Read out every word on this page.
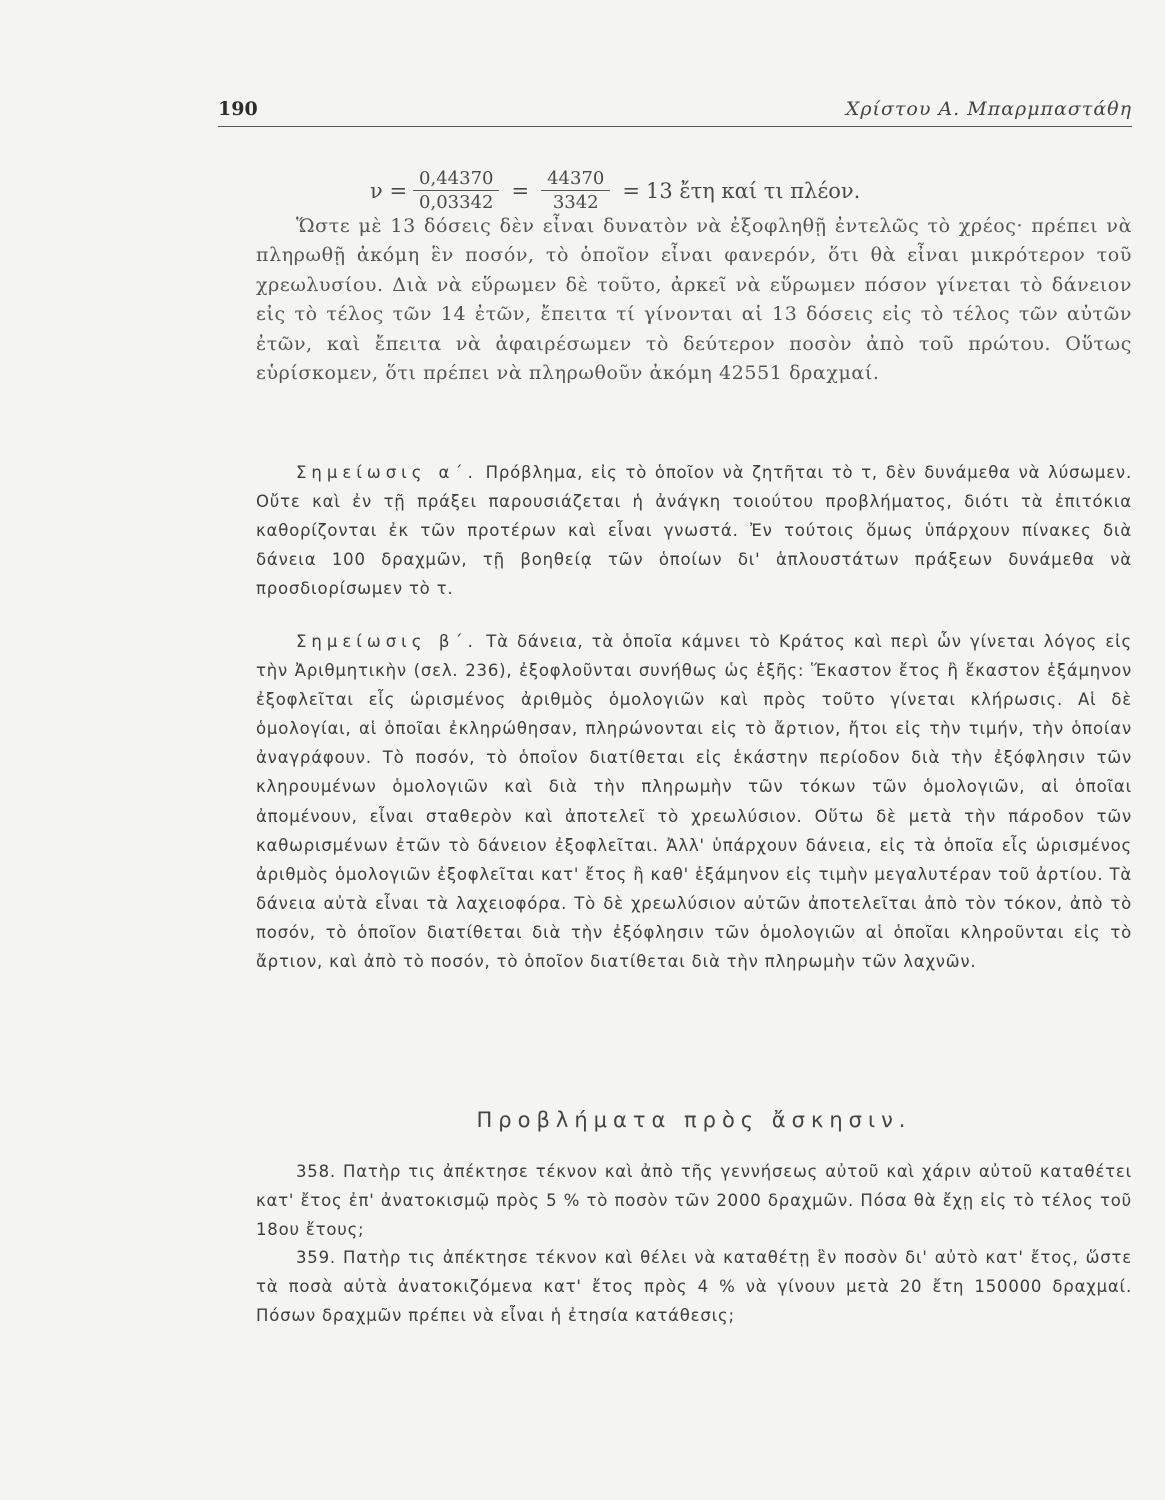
190	Χρίστου Α. Μπαρμπαστάθη
$\nu = \frac{0,44370}{0,03342} = \frac{44370}{3342} = 13$ ἔτη καί τι πλέον.

Ὥστε μὲ 13 δόσεις δὲν εἶναι δυνατὸν νὰ ἐξοφληθῇ ἐντελῶς τὸ χρέος· πρέπει νὰ πληρωθῇ ἀκόμη ἓν ποσόν, τὸ ὁποῖον εἶναι φανερόν, ὅτι θὰ εἶναι μικρότερον τοῦ χρεωλυσίου. Διὰ νὰ εὕρωμεν δὲ τοῦτο, ἀρκεῖ νὰ εὕρωμεν πόσον γίνεται τὸ δάνειον εἰς τὸ τέλος τῶν 14 ἐτῶν, ἔπειτα τί γίνονται αἱ 13 δόσεις εἰς τὸ τέλος τῶν αὐτῶν ἐτῶν, καὶ ἔπειτα νὰ ἀφαιρέσωμεν τὸ δεύτερον ποσὸν ἀπὸ τοῦ πρώτου. Οὕτως εὑρίσκομεν, ὅτι πρέπει νὰ πληρωθοῦν ἀκόμη 42551 δραχμαί.

Σημείωσις α΄. Πρόβλημα, εἰς τὸ ὁποῖον νὰ ζητῆται τὸ τ, δὲν δυνάμεθα νὰ λύσωμεν. Οὔτε καὶ ἐν τῇ πράξει παρουσιάζεται ἡ ἀνάγκη τοιούτου προβλήματος, διότι τὰ ἐπιτόκια καθορίζονται ἐκ τῶν προτέρων καὶ εἶναι γνωστά. Ἐν τούτοις ὅμως ὑπάρχουν πίνακες διὰ δάνεια 100 δραχμῶν, τῇ βοηθείᾳ τῶν ὁποίων δι' ἁπλουστάτων πράξεων δυνάμεθα νὰ προσδιορίσωμεν τὸ τ.

Σημείωσις β΄. Τὰ δάνεια, τὰ ὁποῖα κάμνει τὸ Κράτος καὶ περὶ ὧν γίνεται λόγος εἰς τὴν Ἀριθμητικὴν (σελ. 236), ἐξοφλοῦνται συνήθως ὡς ἑξῆς: Ἕκαστον ἔτος ἢ ἕκαστον ἑξάμηνον ἐξοφλεῖται εἷς ὡρισμένος ἀριθμὸς ὁμολογιῶν καὶ πρὸς τοῦτο γίνεται κλήρωσις. Αἱ δὲ ὁμολογίαι, αἱ ὁποῖαι ἐκληρώθησαν, πληρώνονται εἰς τὸ ἄρτιον, ἤτοι εἰς τὴν τιμήν, τὴν ὁποίαν ἀναγράφουν. Τὸ ποσόν, τὸ ὁποῖον διατίθεται εἰς ἑκάστην περίοδον διὰ τὴν ἐξόφλησιν τῶν κληρουμένων ὁμολογιῶν καὶ διὰ τὴν πληρωμὴν τῶν τόκων τῶν ὁμολογιῶν, αἱ ὁποῖαι ἀπομένουν, εἶναι σταθερὸν καὶ ἀποτελεῖ τὸ χρεωλύσιον. Οὕτω δὲ μετὰ τὴν πάροδον τῶν καθωρισμένων ἐτῶν τὸ δάνειον ἐξοφλεῖται. Ἀλλ' ὑπάρχουν δάνεια, εἰς τὰ ὁποῖα εἷς ὡρισμένος ἀριθμὸς ὁμολογιῶν ἐξοφλεῖται κατ' ἔτος ἢ καθ' ἑξάμηνον εἰς τιμὴν μεγαλυτέραν τοῦ ἀρτίου. Τὰ δάνεια αὐτὰ εἶναι τὰ λαχειοφόρα. Τὸ δὲ χρεωλύσιον αὐτῶν ἀποτελεῖται ἀπὸ τὸν τόκον, ἀπὸ τὸ ποσόν, τὸ ὁποῖον διατίθεται διὰ τὴν ἐξόφλησιν τῶν ὁμολογιῶν αἱ ὁποῖαι κληροῦνται εἰς τὸ ἄρτιον, καὶ ἀπὸ τὸ ποσόν, τὸ ὁποῖον διατίθεται διὰ τὴν πληρωμὴν τῶν λαχνῶν.

Προβλήματα πρὸς ἄσκησιν.

358. Πατὴρ τις ἀπέκτησε τέκνον καὶ ἀπὸ τῆς γεννήσεως αὐτοῦ καὶ χάριν αὐτοῦ καταθέτει κατ' ἔτος ἐπ' ἀνατοκισμῷ πρὸς 5 % τὸ ποσὸν τῶν 2000 δραχμῶν. Πόσα θὰ ἔχῃ εἰς τὸ τέλος τοῦ 18ου ἔτους;

359. Πατὴρ τις ἀπέκτησε τέκνον καὶ θέλει νὰ καταθέτῃ ἓν ποσὸν δι' αὐτὸ κατ' ἔτος, ὥστε τὰ ποσὰ αὐτὰ ἀνατοκιζόμενα κατ' ἔτος πρὸς 4 % νὰ γίνουν μετὰ 20 ἔτη 150000 δραχμαί. Πόσων δραχμῶν πρέπει νὰ εἶναι ἡ ἐτησία κατάθεσις;
